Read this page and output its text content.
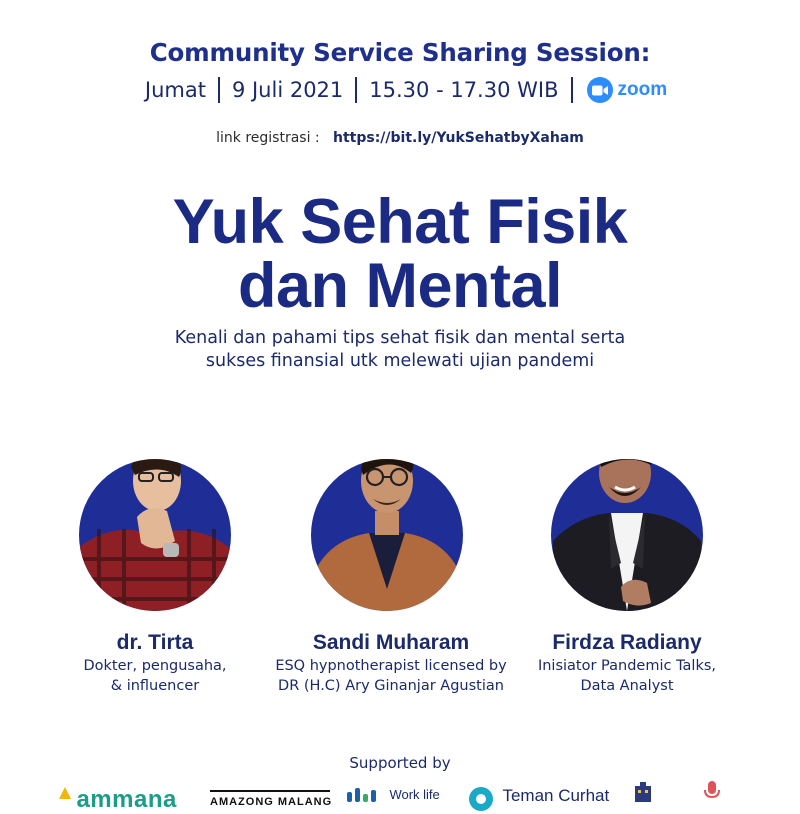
Community Service Sharing Session:
Jumat	9 Juli 2021	15.30 - 17.30 WIB	zoom
link registrasi : https://bit.ly/YukSehatbyXaham
Yuk Sehat Fisik
dan Mental
Kenali dan pahami tips sehat fisik dan mental serta
sukses finansial utk melewati ujian pandemi
dr. Tirta
Dokter, pengusaha,
& influencer
Sandi Muharam
ESQ hypnotherapist licensed by
DR (H.C) Ary Ginanjar Agustian
Firdza Radiany
Inisiator Pandemic Talks,
Data Analyst
Supported by
ammana	AMAZONG MALANG	Work life	Teman Curhat
